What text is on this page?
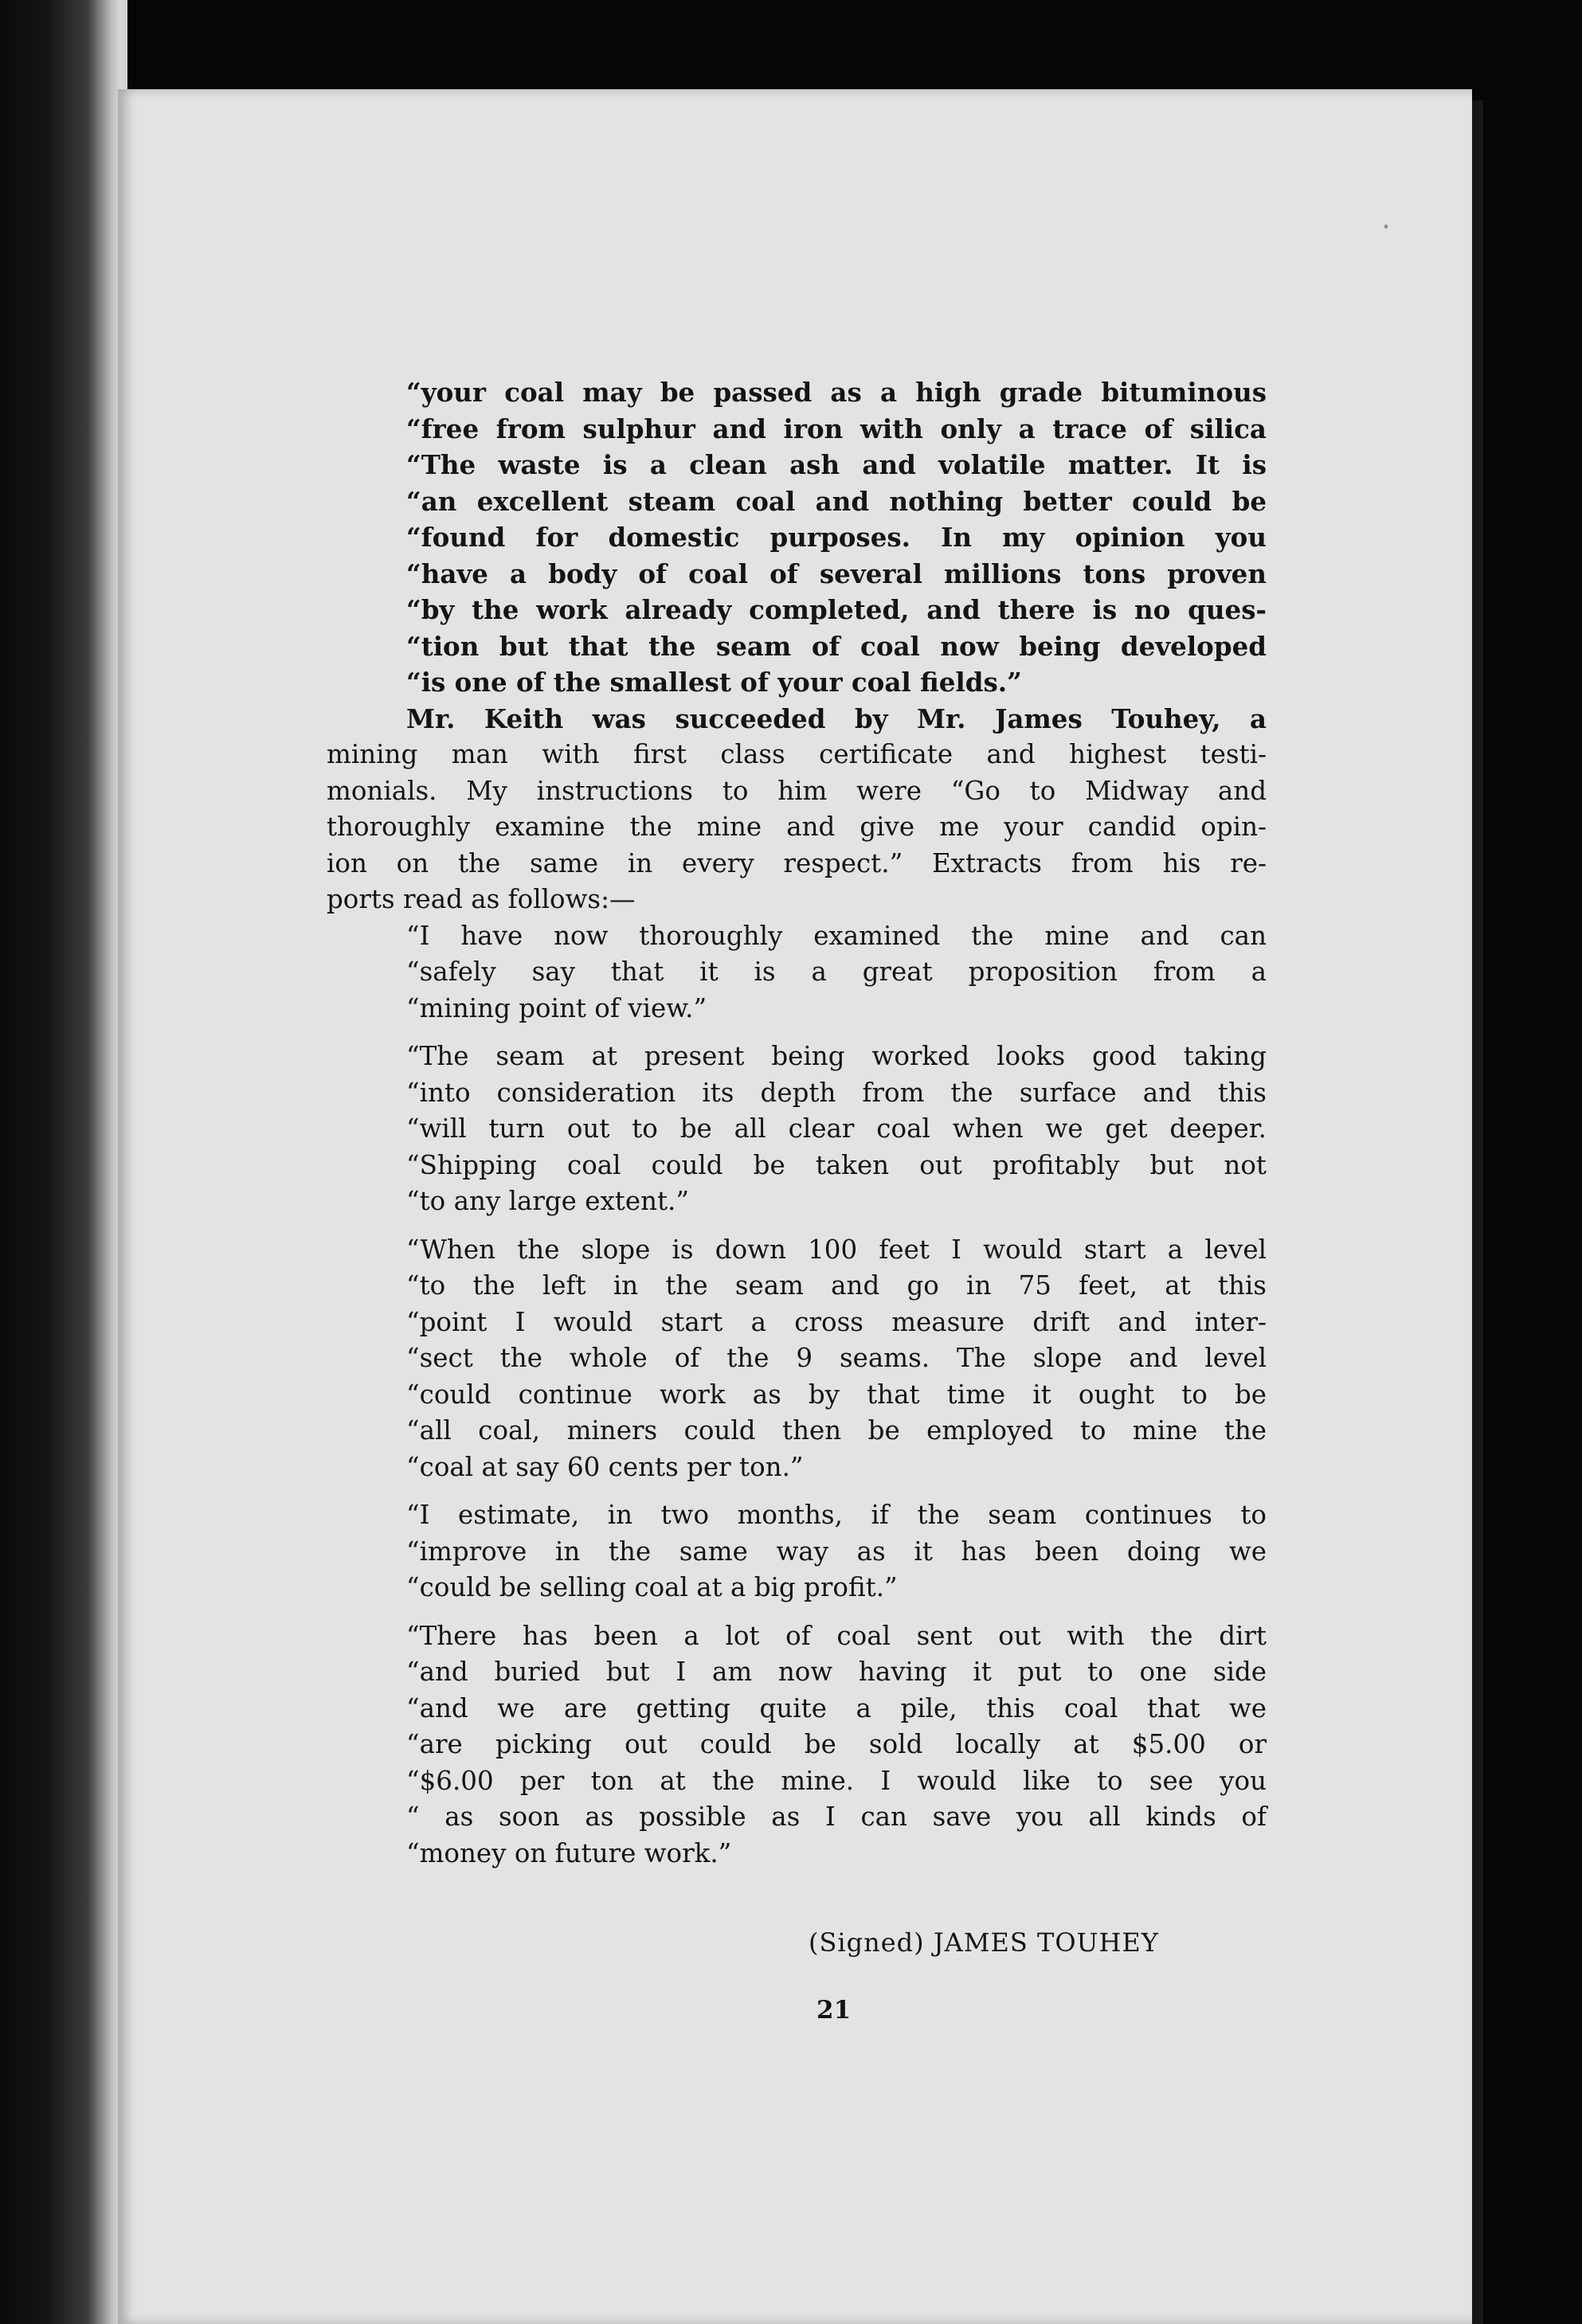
“your coal may be passed as a high grade bituminous
“free from sulphur and iron with only a trace of silica
“The waste is a clean ash and volatile matter. It is
“an excellent steam coal and nothing better could be
“found for domestic purposes. In my opinion you
“have a body of coal of several millions tons proven
“by the work already completed, and there is no ques-
“tion but that the seam of coal now being developed
“is one of the smallest of your coal fields.”

Mr. Keith was succeeded by Mr. James Touhey, a
mining man with first class certificate and highest testi-
monials. My instructions to him were “Go to Midway and
thoroughly examine the mine and give me your candid opin-
ion on the same in every respect.” Extracts from his re-
ports read as follows:—

“I have now thoroughly examined the mine and can
“safely say that it is a great proposition from a
“mining point of view.”

“The seam at present being worked looks good taking
“into consideration its depth from the surface and this
“will turn out to be all clear coal when we get deeper.
“Shipping coal could be taken out profitably but not
“to any large extent.”

“When the slope is down 100 feet I would start a level
“to the left in the seam and go in 75 feet, at this
“point I would start a cross measure drift and inter-
“sect the whole of the 9 seams. The slope and level
“could continue work as by that time it ought to be
“all coal, miners could then be employed to mine the
“coal at say 60 cents per ton.”

“I estimate, in two months, if the seam continues to
“improve in the same way as it has been doing we
“could be selling coal at a big profit.”

“There has been a lot of coal sent out with the dirt
“and buried but I am now having it put to one side
“and we are getting quite a pile, this coal that we
“are picking out could be sold locally at $5.00 or
“$6.00 per ton at the mine. I would like to see you
“ as soon as possible as I can save you all kinds of
“money on future work.”

(Signed) JAMES TOUHEY
21
